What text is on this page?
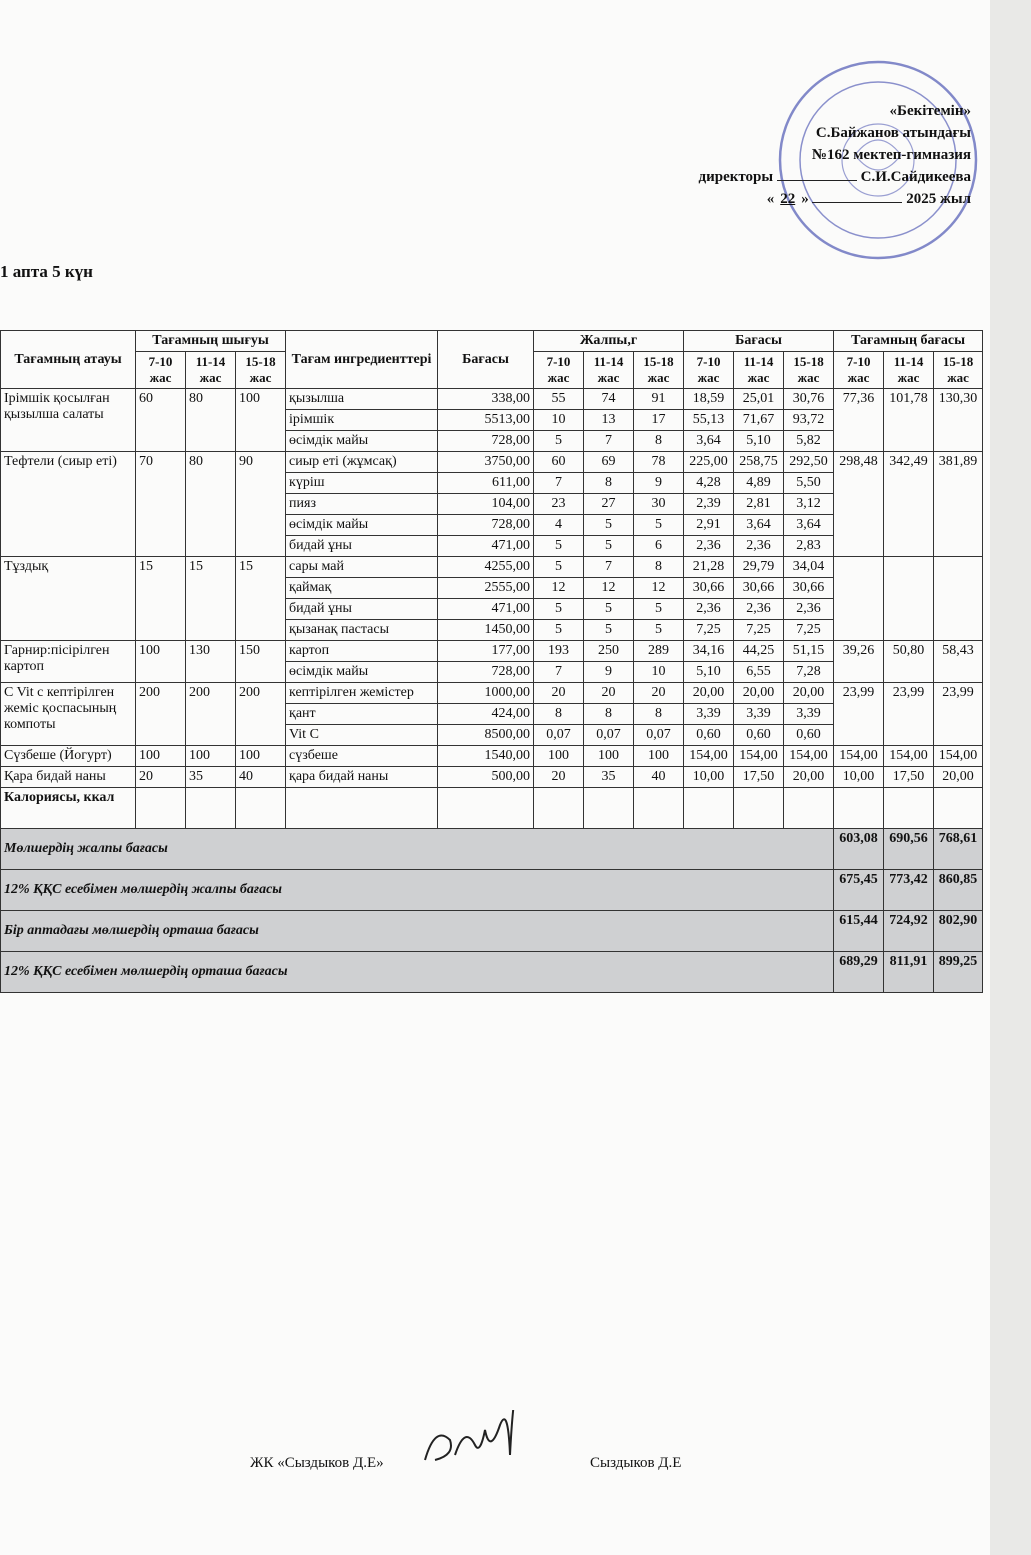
«Бекітемін»
С.Байжанов атындағы
№162 мектеп-гимназия
директоры	С.И.Сайдикеева
« 22 »	2025 жыл
1 апта 5 күн
Тағамның атауы	Тағамның шығуы			Тағам ингредиенттері	Бағасы	Жалпы,г			Бағасы			Тағамның бағасы		
	7-10 жас	11-14 жас	15-18 жас			7-10 жас	11-14 жас	15-18 жас	7-10 жас	11-14 жас	15-18 жас	7-10 жас	11-14 жас	15-18 жас
Ірімшік қосылған қызылша салаты	60	80	100	қызылша	338,00	55	74	91	18,59	25,01	30,76	77,36	101,78	130,30
				ірімшік	5513,00	10	13	17	55,13	71,67	93,72			
				өсімдік майы	728,00	5	7	8	3,64	5,10	5,82			
Тефтели (сиыр еті)	70	80	90	сиыр еті (жұмсақ)	3750,00	60	69	78	225,00	258,75	292,50	298,48	342,49	381,89
				күріш	611,00	7	8	9	4,28	4,89	5,50			
				пияз	104,00	23	27	30	2,39	2,81	3,12			
				өсімдік майы	728,00	4	5	5	2,91	3,64	3,64			
				бидай ұны	471,00	5	5	6	2,36	2,36	2,83			
Тұздық	15	15	15	сары май	4255,00	5	7	8	21,28	29,79	34,04			
				қаймақ	2555,00	12	12	12	30,66	30,66	30,66			
				бидай ұны	471,00	5	5	5	2,36	2,36	2,36			
				қызанақ пастасы	1450,00	5	5	5	7,25	7,25	7,25			
Гарнир:пісірілген картоп	100	130	150	картоп	177,00	193	250	289	34,16	44,25	51,15	39,26	50,80	58,43
				өсімдік майы	728,00	7	9	10	5,10	6,55	7,28			
C Vit с кептірілген жеміс қоспасының компоты	200	200	200	кептірілген жемістер	1000,00	20	20	20	20,00	20,00	20,00	23,99	23,99	23,99
				қант	424,00	8	8	8	3,39	3,39	3,39			
				Vit C	8500,00	0,07	0,07	0,07	0,60	0,60	0,60			
Сүзбеше (Йогурт)	100	100	100	сүзбеше	1540,00	100	100	100	154,00	154,00	154,00	154,00	154,00	154,00
Қара бидай наны	20	35	40	қара бидай наны	500,00	20	35	40	10,00	17,50	20,00	10,00	17,50	20,00
Калориясы, ккал														
Мөлшердің жалпы бағасы												603,08	690,56	768,61
12% ҚҚС есебімен мөлшердің жалпы бағасы												675,45	773,42	860,85
Бір аптадағы мөлшердің орташа бағасы												615,44	724,92	802,90
12% ҚҚС есебімен мөлшердің орташа бағасы												689,29	811,91	899,25
ЖК «Сыздыков Д.Е»	Сыздыков Д.Е
